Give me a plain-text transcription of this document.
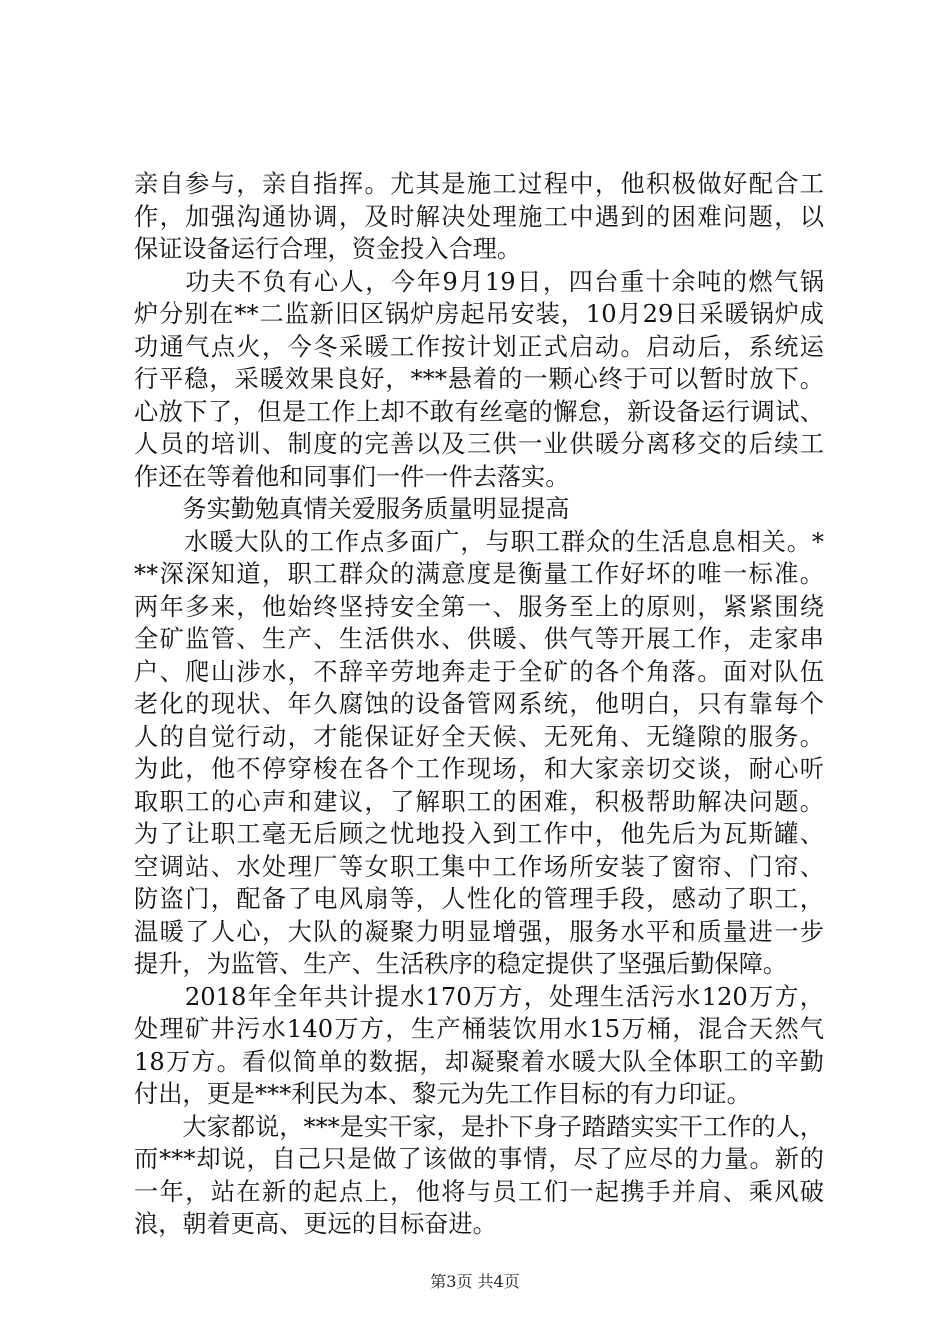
亲自参与，亲自指挥。尤其是施工过程中，他积极做好配合工
作，加强沟通协调，及时解决处理施工中遇到的困难问题，以
保证设备运行合理，资金投入合理。
　　功夫不负有心人，今年9月19日，四台重十余吨的燃气锅
炉分别在**二监新旧区锅炉房起吊安装，10月29日采暖锅炉成
功通气点火，今冬采暖工作按计划正式启动。启动后，系统运
行平稳，采暖效果良好，***悬着的一颗心终于可以暂时放下。
心放下了，但是工作上却不敢有丝毫的懈怠，新设备运行调试、
人员的培训、制度的完善以及三供一业供暖分离移交的后续工
作还在等着他和同事们一件一件去落实。
　　务实勤勉真情关爱服务质量明显提高
　　水暖大队的工作点多面广，与职工群众的生活息息相关。*
**深深知道，职工群众的满意度是衡量工作好坏的唯一标准。
两年多来，他始终坚持安全第一、服务至上的原则，紧紧围绕
全矿监管、生产、生活供水、供暖、供气等开展工作，走家串
户、爬山涉水，不辞辛劳地奔走于全矿的各个角落。面对队伍
老化的现状、年久腐蚀的设备管网系统，他明白，只有靠每个
人的自觉行动，才能保证好全天候、无死角、无缝隙的服务。
为此，他不停穿梭在各个工作现场，和大家亲切交谈，耐心听
取职工的心声和建议，了解职工的困难，积极帮助解决问题。
为了让职工毫无后顾之忧地投入到工作中，他先后为瓦斯罐、
空调站、水处理厂等女职工集中工作场所安装了窗帘、门帘、
防盗门，配备了电风扇等，人性化的管理手段，感动了职工，
温暖了人心，大队的凝聚力明显增强，服务水平和质量进一步
提升，为监管、生产、生活秩序的稳定提供了坚强后勤保障。
　　2018年全年共计提水170万方，处理生活污水120万方，
处理矿井污水140万方，生产桶装饮用水15万桶，混合天然气
18万方。看似简单的数据，却凝聚着水暖大队全体职工的辛勤
付出，更是***利民为本、黎元为先工作目标的有力印证。
　　大家都说，***是实干家，是扑下身子踏踏实实干工作的人，
而***却说，自己只是做了该做的事情，尽了应尽的力量。新的
一年，站在新的起点上，他将与员工们一起携手并肩、乘风破
浪，朝着更高、更远的目标奋进。
第3页 共4页
